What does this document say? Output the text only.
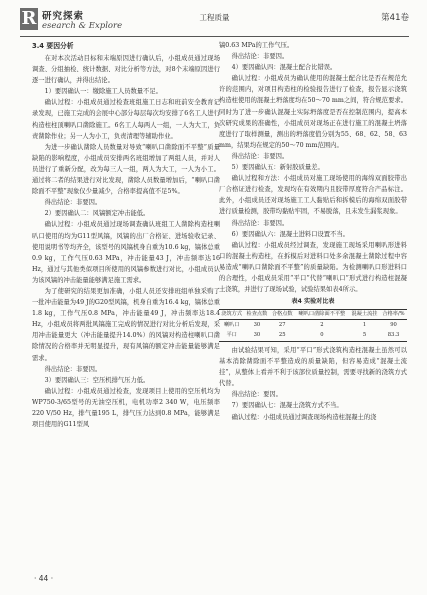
R 研究探索
esearch & Explore
工程质量	第41卷
3.4 要因分析

在对本次活动目标和末端原因进行确认后，小组成员通过现场调查、分组抽检、统计数据、对比分析等方法，对8个末端原因进行逐一进行确认，并得出结论。

1）要因确认一：缴除施工人员数量不足。

确认过程：小组成员通过检查班组施工日志和班前安全教育记录发现，已施工完成的会展中心部分每层每次均安排了6名工人进行构造柱柱顶喇叭口凿除施工。6名工人每两人一组，一人为大工，负责凿除作业；另一人为小工，负责清理等辅助作业。

为进一步确认凿除人员数量对导致“喇叭口凿除面不平整”质量缺陷的影响程度，小组成员安排两名班组增加了两组人员，并对人员进行了重新分配，改为每三人一组，两人为大工，一人为小工。通过将二者的结果进行对比发现，凿除人员数量增加后，“喇叭口凿除面不平整”现象仅少量减少，合格率提高值不足5%。

得出结论：非要因。

2）要因确认二：风镐额定冲击能低。

确认过程：小组成员通过现场调查确认班组工人凿除构造柱喇叭口使用的均为G11型风镐，风镐的出厂合格证、进场验收记录、使用说明书等均齐全，该型号的风镐机身自重为10.6 kg，镐体总重0.9 kg，工作气压0.63 MPa，冲击能量43 J，冲击频率达16 Hz，通过与其他类似项目所使用的风镐参数进行对比，小组成员认为该风镐的冲击能量能够满足施工需求。

为了使研究的结果更加准确，小组人员还安排班组单独采购了一批冲击能量为49 J的G20型风镐，机身自重为16.4 kg，镐体总重1.8 kg，工作气压0.8 MPa，冲击能量49 J，冲击频率达18.4 Hz，小组成员将两批风镐施工完成的情况进行对比分析后发现，采用冲击能量更大（冲击能量提升14.0%）的风镐对构造柱喇叭口凿除情况的合格率并无明显提升，现有风镐的额定冲击能量能够满足需求。

得出结论：非要因。

3）要因确认三：空压机排气压力低。

确认过程：小组成员通过检查，发现项目上使用的空压机均为WP750-3/65型号的无油空压机，电机功率2 340 W，电压频率220 V/50 Hz，排气量195 L，排气压力达到0.8 MPa，能够满足项目使用的G11型风

镐0.63 MPa的工作气压。

得出结论：非要因。

4）要因确认四：混凝土配合比错误。

确认过程：小组成员为确认使用的混凝土配合比是否在规范允许的范围内，对项目构造柱的检验报告进行了检查，报告显示浇筑构造柱使用的混凝土坍落度均在50～70 mm之间，符合规范要求。同时为了进一步确认混凝土实际坍落度是否在控制范围内，提高本次研究成果的准确性，小组成员对现场正在进行施工的混凝土坍落度进行了取样测量，测出的坍落度值分别为55、68、62、58、63 mm，结果均在规定的50～70 mm范围内。

得出结论：非要因。

5）要因确认五：新射胶质量差。

确认过程和方法：小组成员对施工现场使用的海绵双面胶带出厂合格证进行检查，发现均在有效期内且胶带厚度符合产品标注。此外，小组成员还对现场施工工人黏贴后和拆模后的海绵双面胶带进行质量检测，胶带均黏贴牢固，不易脱落，且未发生漏浆现象。

得出结论：非要因。

6）要因确认六：混凝土进料口设置不当。

确认过程：小组成员经过调查，发现施工现场采用喇叭形进料口的混凝土构造柱，在拆模后对进料口处多余混凝土凿除过程中容易造成“喇叭口凿除面不平整”的质量缺陷。为检测喇叭口形进料口的合理性，小组成员采用“平口”代替“喇叭口”形式进行构造柱混凝土浇筑，并进行了现场试验，试验结果如表4所示。

表4 实验对比表
浇筑方式	检查点数	合格点数	喇叭口凿除面不平整	混凝土流挂	合格率/%
喇叭口	30	27	2	1	90
平口	30	25	0	5	83.3

由试验结果可知，采用“平口”形式浇筑构造柱混凝土虽然可以基本消除凿除面不平整造成的质量缺陷，但容易造成“混凝土流挂”，从整体上看并不利于该部位质量控制，需要寻找新的浇筑方式代替。

得出结论：要因。

7）要因确认七：混凝土浇筑方式不当。

确认过程：小组成员通过调查现场构造柱混凝土的浇

· 44 ·
